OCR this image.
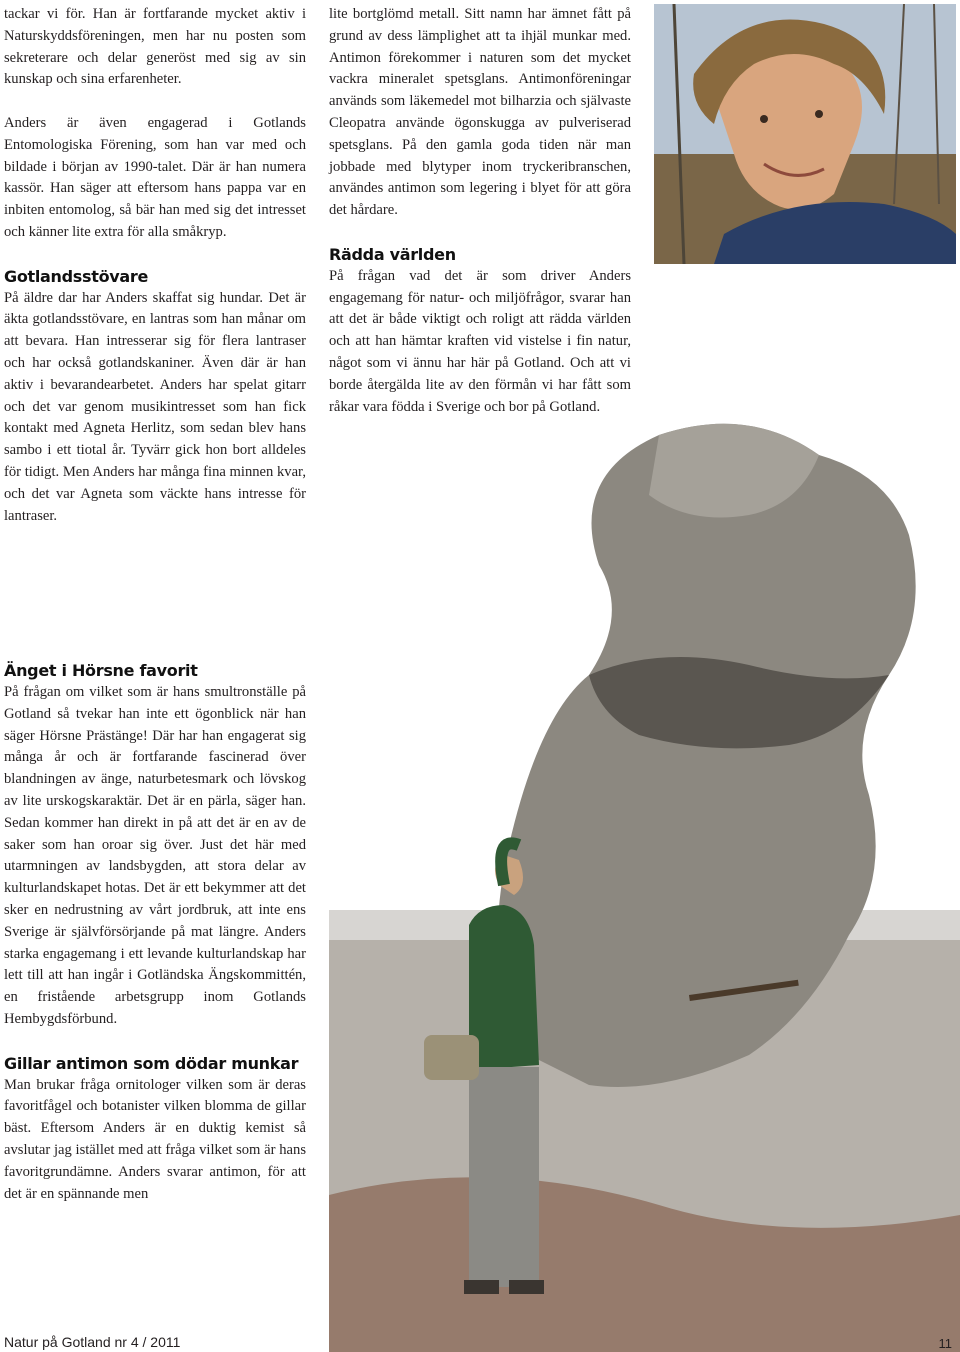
tackar vi för. Han är fortfarande mycket aktiv i Naturskyddsföreningen, men har nu posten som sekreterare och delar generöst med sig av sin kunskap och sina erfarenheter.

Anders är även engagerad i Gotlands Entomologiska Förening, som han var med och bildade i början av 1990-talet. Där är han numera kassör. Han säger att eftersom hans pappa var en inbiten entomolog, så bär han med sig det intresset och känner lite extra för alla småkryp.

Gotlandsstövare

På äldre dar har Anders skaffat sig hundar. Det är äkta gotlandsstövare, en lantras som han månar om att bevara. Han intresserar sig för flera lantraser och har också gotlandskaniner. Även där är han aktiv i bevarandearbetet. Anders har spelat gitarr och det var genom musikintresset som han fick kontakt med Agneta Herlitz, som sedan blev hans sambo i ett tiotal år. Tyvärr gick hon bort alldeles för tidigt. Men Anders har många fina minnen kvar, och det var Agneta som väckte hans intresse för lantraser.

Änget i Hörsne favorit

På frågan om vilket som är hans smultronställe på Gotland så tvekar han inte ett ögonblick när han säger Hörsne Prästänge! Där har han engagerat sig många år och är fortfarande fascinerad över blandningen av änge, naturbetesmark och lövskog av lite urskogskaraktär. Det är en pärla, säger han. Sedan kommer han direkt in på att det är en av de saker som han oroar sig över. Just det här med utarmningen av landsbygden, att stora delar av kulturlandskapet hotas. Det är ett bekymmer att det sker en nedrustning av vårt jordbruk, att inte ens Sverige är självförsörjande på mat längre. Anders starka engagemang i ett levande kulturlandskap har lett till att han ingår i Gotländska Ängskommittén, en fristående arbetsgrupp inom Gotlands Hembygdsförbund.

Gillar antimon som dödar munkar

Man brukar fråga ornitologer vilken som är deras favoritfågel och botanister vilken blomma de gillar bäst. Eftersom Anders är en duktig kemist så avslutar jag istället med att fråga vilket som är hans favoritgrundämne. Anders svarar antimon, för att det är en spännande men

lite bortglömd metall. Sitt namn har ämnet fått på grund av dess lämplighet att ta ihjäl munkar med. Antimon förekommer i naturen som det mycket vackra mineralet spetsglans. Antimonföreningar används som läkemedel mot bilharzia och självaste Cleopatra använde ögonskugga av pulveriserad spetsglans. På den gamla goda tiden när man jobbade med blytyper inom tryckeribranschen, användes antimon som legering i blyet för att göra det hårdare.

Rädda världen

På frågan vad det är som driver Anders engagemang för natur- och miljöfrågor, svarar han att det är både viktigt och roligt att rädda världen och att han hämtar kraften vid vistelse i fin natur, något som vi ännu har här på Gotland. Och att vi borde återgälda lite av den förmån vi har fått som råkar vara födda i Sverige och bor på Gotland.

Natur på Gotland nr 4 / 2011	11
